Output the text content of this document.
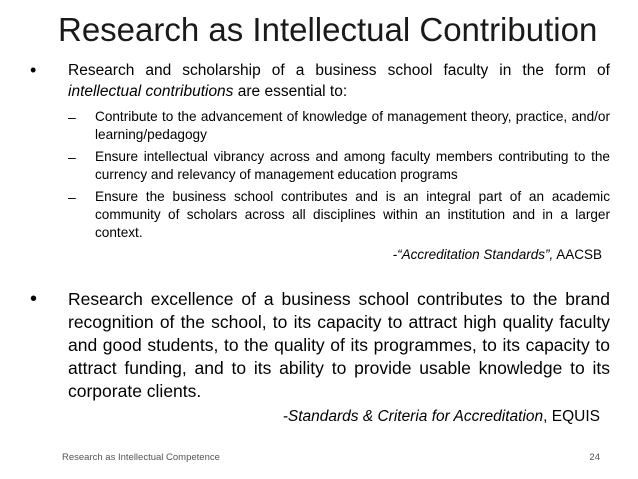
Research as Intellectual Contribution
•	Research and scholarship of a business school faculty in the form of intellectual contributions are essential to:
–	Contribute to the advancement of knowledge of management theory, practice, and/or learning/pedagogy
–	Ensure intellectual vibrancy across and among faculty members contributing to the currency and relevancy of management education programs
–	Ensure the business school contributes and is an integral part of an academic community of scholars across all disciplines within an institution and in a larger context.
-“Accreditation Standards”, AACSB
•	Research excellence of a business school contributes to the brand recognition of the school, to its capacity to attract high quality faculty and good students, to the quality of its programmes, to its capacity to attract funding, and to its ability to provide usable knowledge to its corporate clients.
-Standards & Criteria for Accreditation, EQUIS
Research as Intellectual Competence	24
